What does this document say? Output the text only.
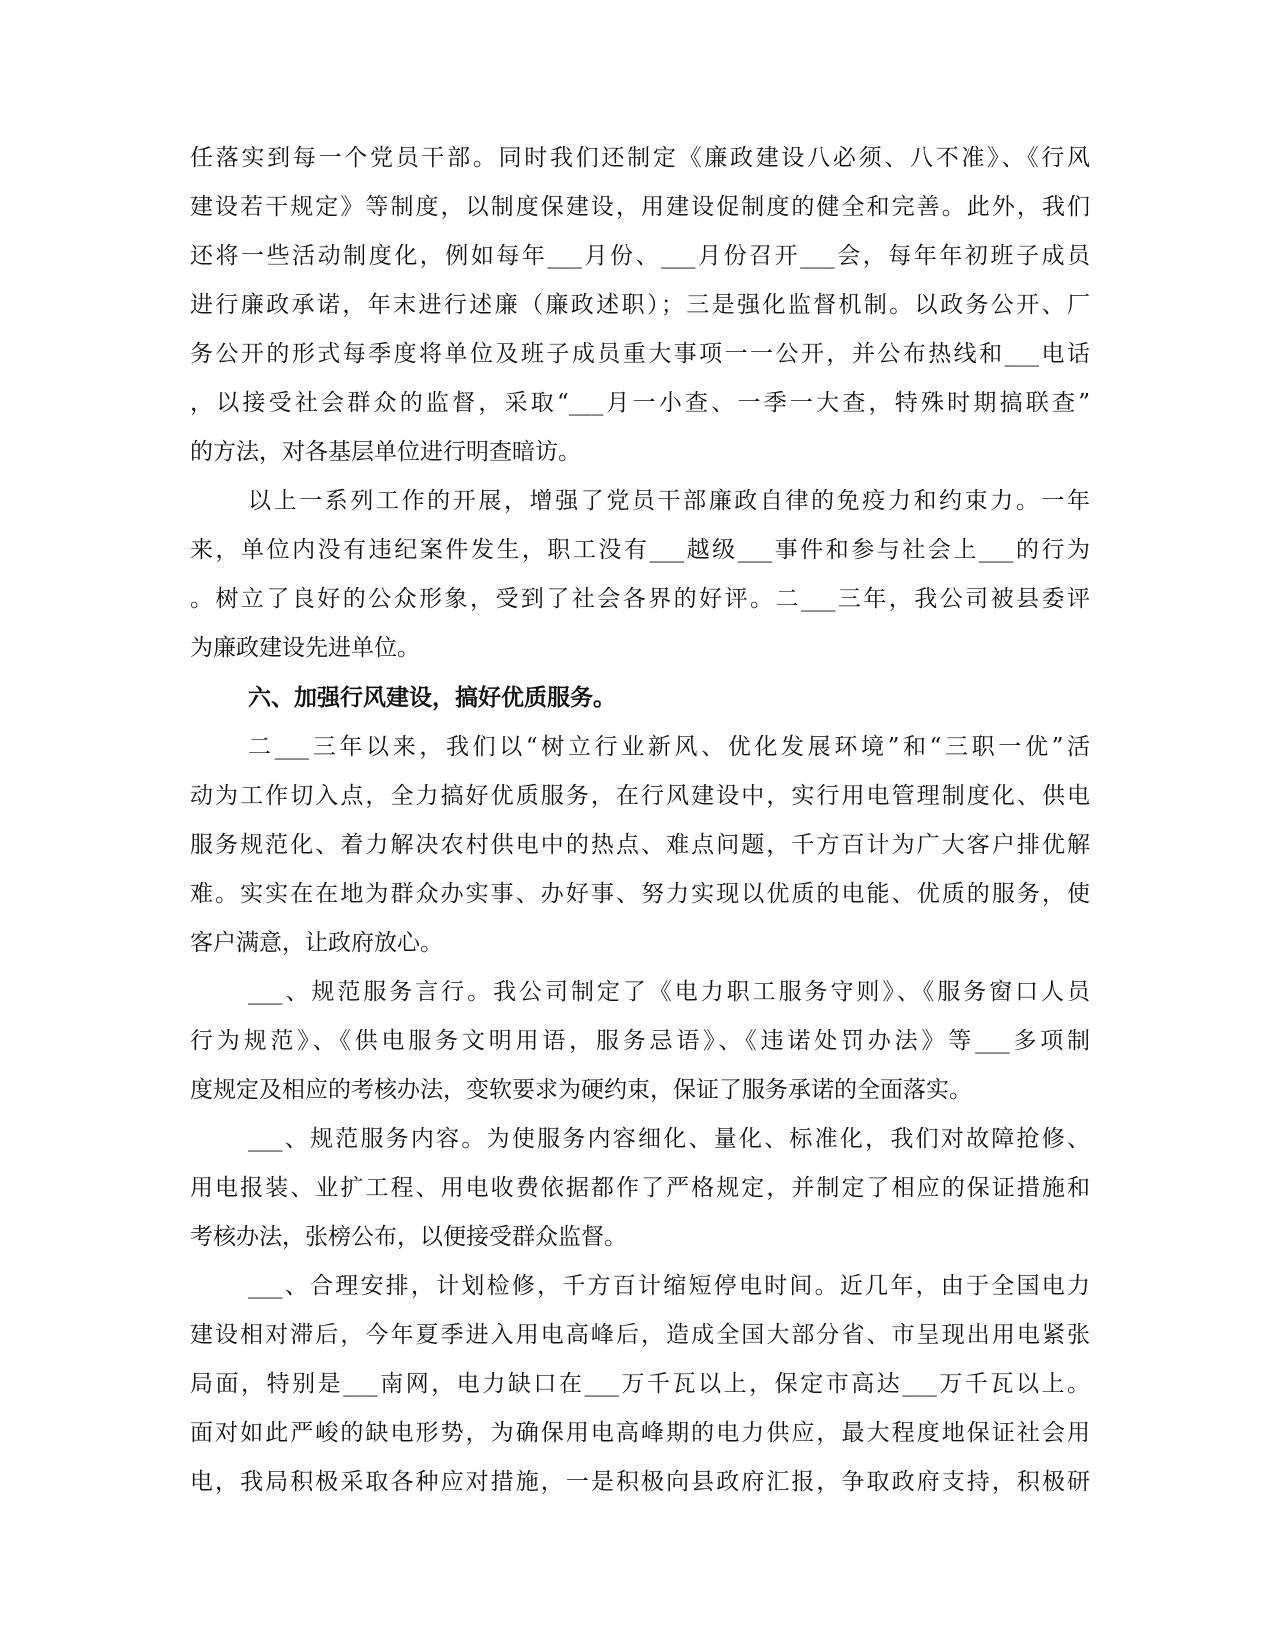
任落实到每一个党员干部。同时我们还制定《廉政建设八必须、八不准》、《行风
建设若干规定》等制度，以制度保建设，用建设促制度的健全和完善。此外，我们
还将一些活动制度化，例如每年___月份、___月份召开___会，每年年初班子成员
进行廉政承诺，年末进行述廉（廉政述职）；三是强化监督机制。以政务公开、厂
务公开的形式每季度将单位及班子成员重大事项一一公开，并公布热线和___电话
，以接受社会群众的监督，采取“___月一小查、一季一大查，特殊时期搞联查”
的方法，对各基层单位进行明查暗访。
以上一系列工作的开展，增强了党员干部廉政自律的免疫力和约束力。一年
来，单位内没有违纪案件发生，职工没有___越级___事件和参与社会上___的行为
。树立了良好的公众形象，受到了社会各界的好评。二___三年，我公司被县委评
为廉政建设先进单位。
六、加强行风建设，搞好优质服务。
二___三年以来，我们以“树立行业新风、优化发展环境”和“三职一优”活
动为工作切入点，全力搞好优质服务，在行风建设中，实行用电管理制度化、供电
服务规范化、着力解决农村供电中的热点、难点问题，千方百计为广大客户排优解
难。实实在在地为群众办实事、办好事、努力实现以优质的电能、优质的服务，使
客户满意，让政府放心。
___、规范服务言行。我公司制定了《电力职工服务守则》、《服务窗口人员
行为规范》、《供电服务文明用语，服务忌语》、《违诺处罚办法》等___多项制
度规定及相应的考核办法，变软要求为硬约束，保证了服务承诺的全面落实。
___、规范服务内容。为使服务内容细化、量化、标准化，我们对故障抢修、
用电报装、业扩工程、用电收费依据都作了严格规定，并制定了相应的保证措施和
考核办法，张榜公布，以便接受群众监督。
___、合理安排，计划检修，千方百计缩短停电时间。近几年，由于全国电力
建设相对滞后，今年夏季进入用电高峰后，造成全国大部分省、市呈现出用电紧张
局面，特别是___南网，电力缺口在___万千瓦以上，保定市高达___万千瓦以上。
面对如此严峻的缺电形势，为确保用电高峰期的电力供应，最大程度地保证社会用
电，我局积极采取各种应对措施，一是积极向县政府汇报，争取政府支持，积极研
